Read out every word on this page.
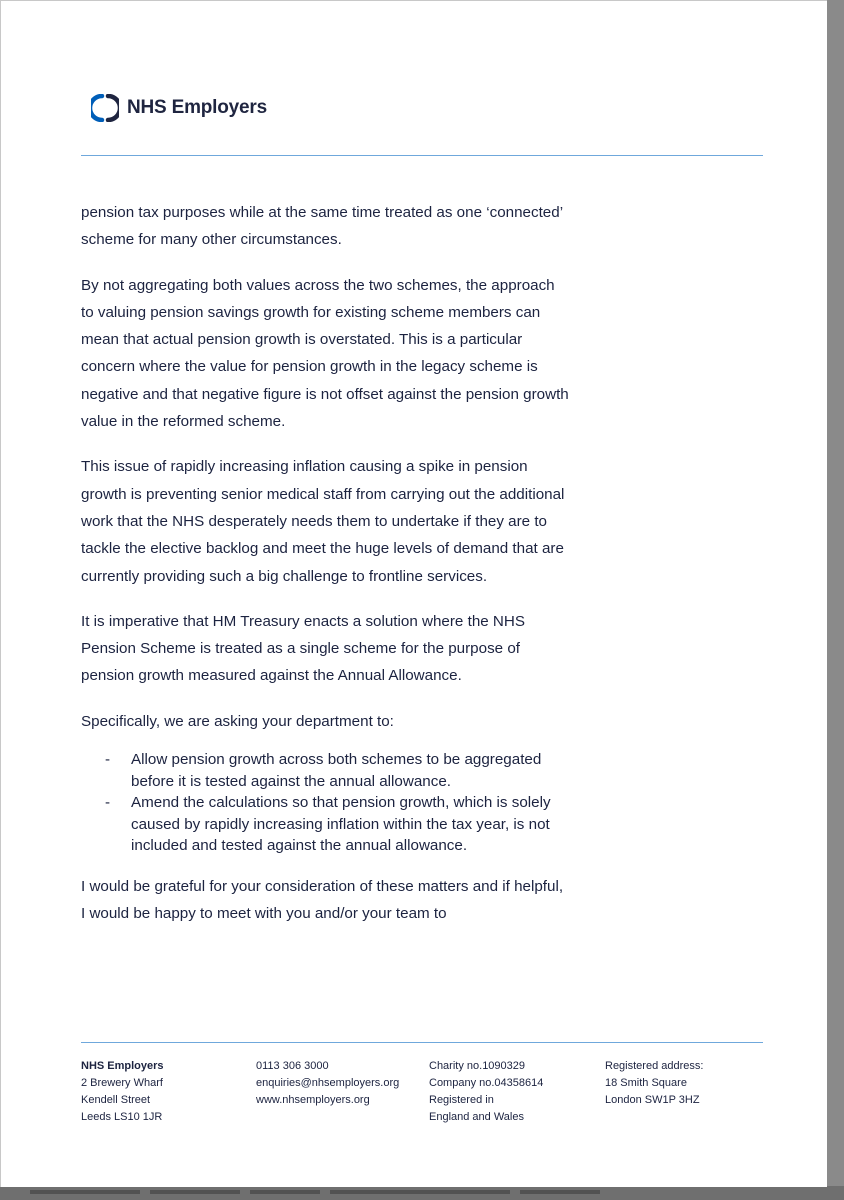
NHS Employers

pension tax purposes while at the same time treated as one ‘connected’ scheme for many other circumstances.

By not aggregating both values across the two schemes, the approach to valuing pension savings growth for existing scheme members can mean that actual pension growth is overstated. This is a particular concern where the value for pension growth in the legacy scheme is negative and that negative figure is not offset against the pension growth value in the reformed scheme.

This issue of rapidly increasing inflation causing a spike in pension growth is preventing senior medical staff from carrying out the additional work that the NHS desperately needs them to undertake if they are to tackle the elective backlog and meet the huge levels of demand that are currently providing such a big challenge to frontline services.

It is imperative that HM Treasury enacts a solution where the NHS Pension Scheme is treated as a single scheme for the purpose of pension growth measured against the Annual Allowance.

Specifically, we are asking your department to:

- Allow pension growth across both schemes to be aggregated before it is tested against the annual allowance.
- Amend the calculations so that pension growth, which is solely caused by rapidly increasing inflation within the tax year, is not included and tested against the annual allowance.

I would be grateful for your consideration of these matters and if helpful, I would be happy to meet with you and/or your team to

NHS Employers
2 Brewery Wharf
Kendell Street
Leeds LS10 1JR
0113 306 3000
enquiries@nhsemployers.org
www.nhsemployers.org
Charity no.1090329
Company no.04358614
Registered in
England and Wales
Registered address:
18 Smith Square
London SW1P 3HZ
